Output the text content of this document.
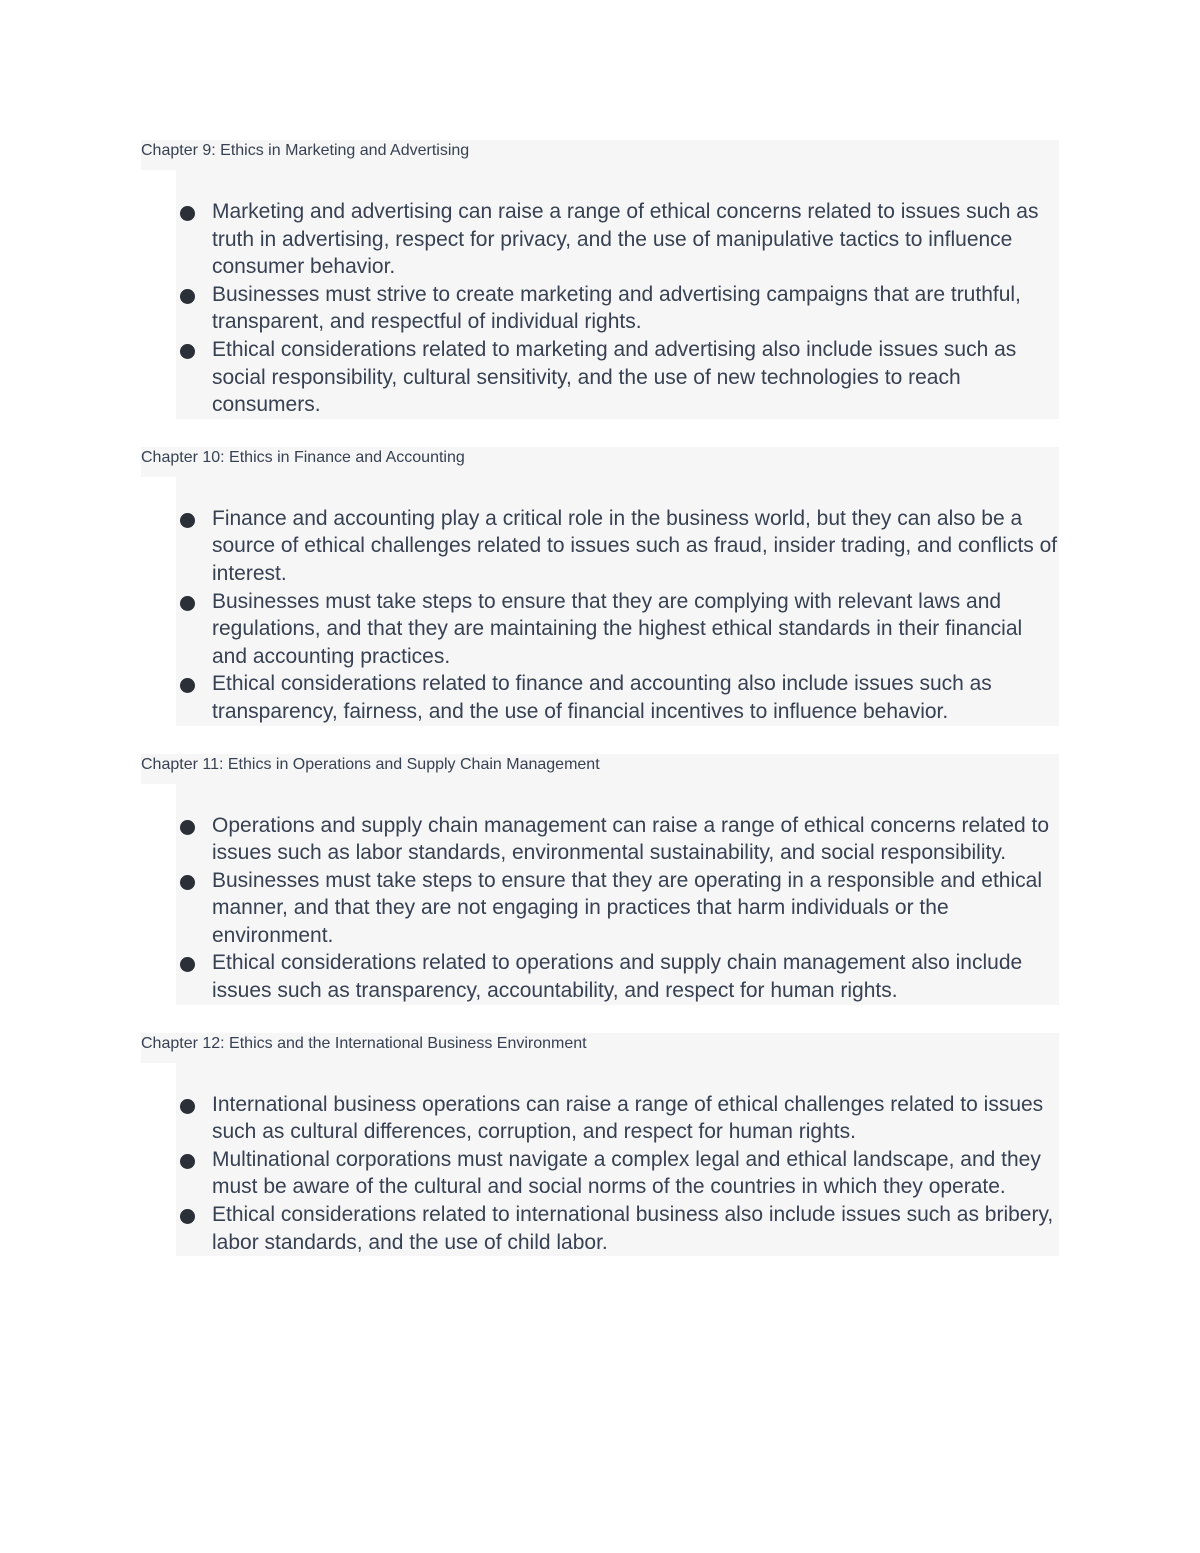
Chapter 9: Ethics in Marketing and Advertising
Marketing and advertising can raise a range of ethical concerns related to issues such as truth in advertising, respect for privacy, and the use of manipulative tactics to influence consumer behavior.
Businesses must strive to create marketing and advertising campaigns that are truthful, transparent, and respectful of individual rights.
Ethical considerations related to marketing and advertising also include issues such as social responsibility, cultural sensitivity, and the use of new technologies to reach consumers.
Chapter 10: Ethics in Finance and Accounting
Finance and accounting play a critical role in the business world, but they can also be a source of ethical challenges related to issues such as fraud, insider trading, and conflicts of interest.
Businesses must take steps to ensure that they are complying with relevant laws and regulations, and that they are maintaining the highest ethical standards in their financial and accounting practices.
Ethical considerations related to finance and accounting also include issues such as transparency, fairness, and the use of financial incentives to influence behavior.
Chapter 11: Ethics in Operations and Supply Chain Management
Operations and supply chain management can raise a range of ethical concerns related to issues such as labor standards, environmental sustainability, and social responsibility.
Businesses must take steps to ensure that they are operating in a responsible and ethical manner, and that they are not engaging in practices that harm individuals or the environment.
Ethical considerations related to operations and supply chain management also include issues such as transparency, accountability, and respect for human rights.
Chapter 12: Ethics and the International Business Environment
International business operations can raise a range of ethical challenges related to issues such as cultural differences, corruption, and respect for human rights.
Multinational corporations must navigate a complex legal and ethical landscape, and they must be aware of the cultural and social norms of the countries in which they operate.
Ethical considerations related to international business also include issues such as bribery, labor standards, and the use of child labor.
